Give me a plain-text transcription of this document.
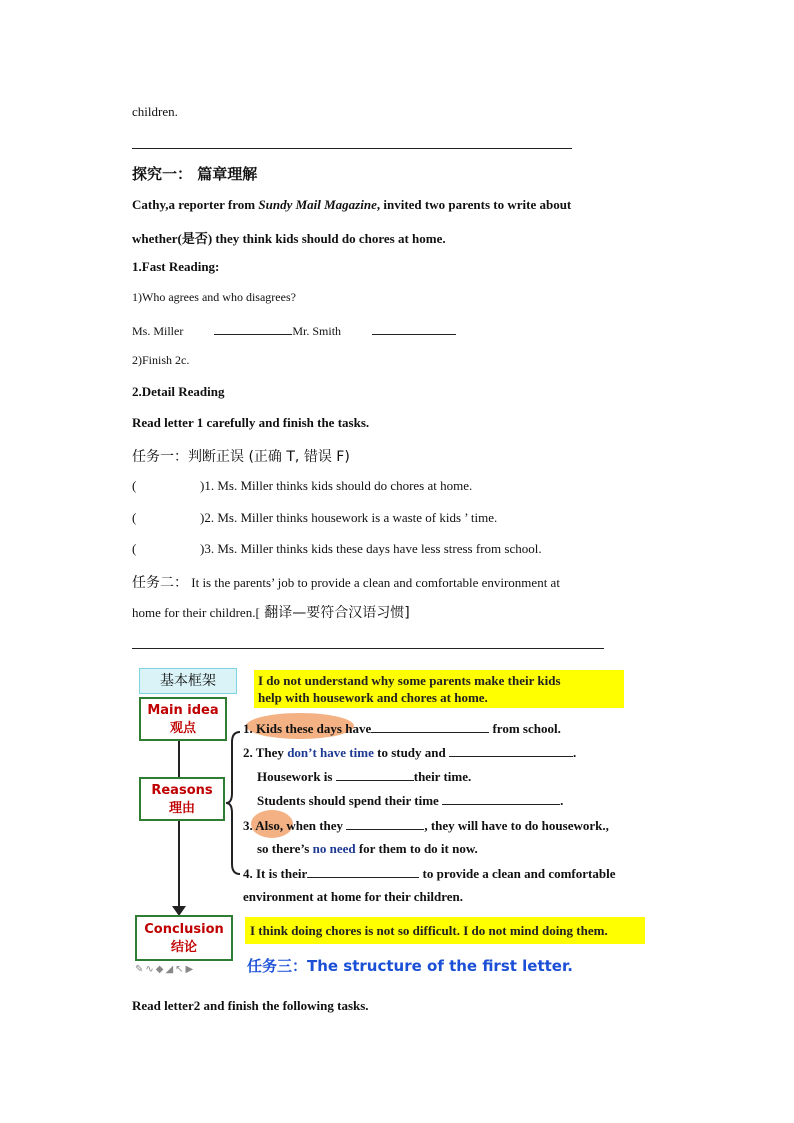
children.
探究一： 篇章理解
Cathy,a reporter from Sundy Mail Magazine, invited two parents to write about
whether(是否) they think kids should do chores at home.
1.Fast Reading:
1)Who agrees and who disagrees?
Ms. Miller	Mr. Smith
2)Finish 2c.
2.Detail Reading
Read letter 1 carefully and finish the tasks.
任务一：判断正误 (正确 T, 错误 F)
(	)1. Ms. Miller thinks kids should do chores at home.
(	)2. Ms. Miller thinks housework is a waste of kids ’ time.
(	)3. Ms. Miller thinks kids these days have less stress from school.
任务二： It is the parents’ job to provide a clean and comfortable environment at
home for their children.[ 翻译—要符合汉语习惯]
基本框架	I do not understand why some parents make their kids
help with housework and chores at home.
Main idea
观点
Reasons
理由
Conclusion
结论
✎∿◆◢↖▶
1. Kids these days have	from school.
2. They don’t have time to study and	.
Housework is	their time.
Students should spend their time	.
3. Also, when they	, they will have to do housework.,
so there’s no need for them to do it now.
4. It is their	to provide a clean and comfortable
environment at home for their children.
I think doing chores is not so difficult. I do not mind doing them.
任务三：The structure of the first letter.
Read letter2 and finish the following tasks.
